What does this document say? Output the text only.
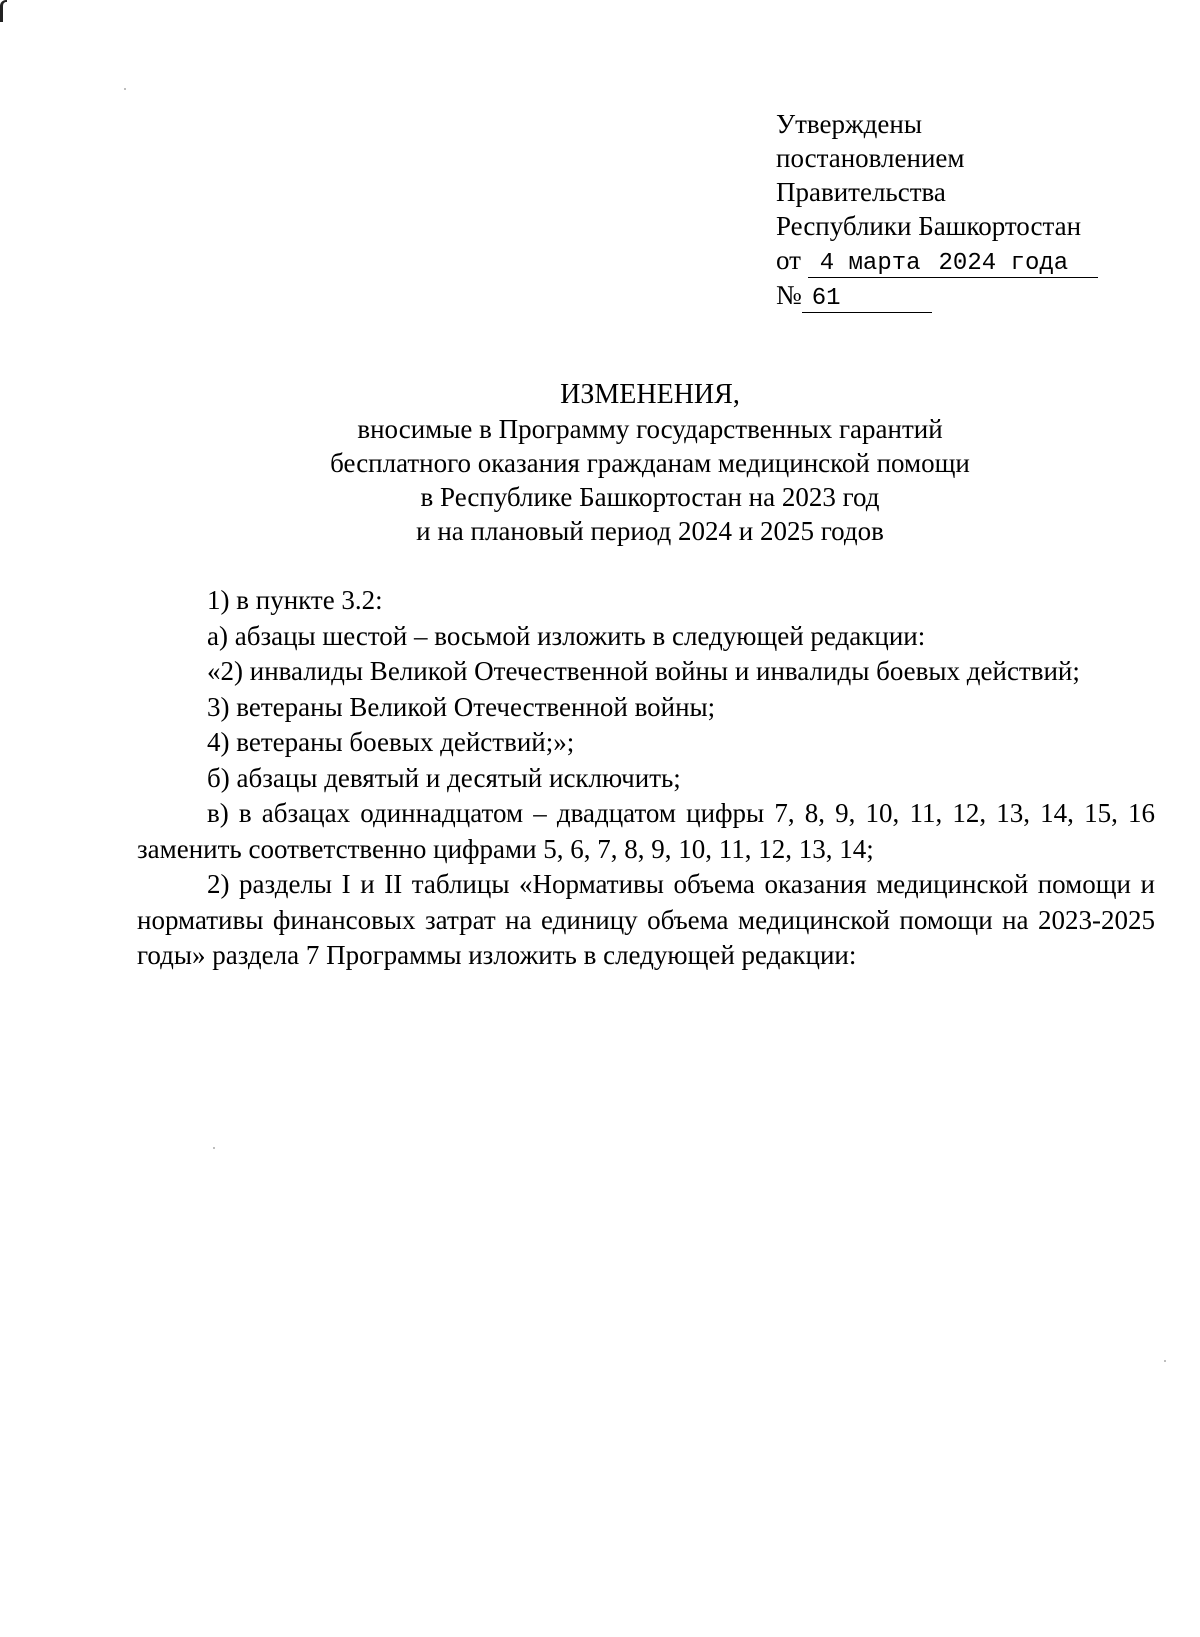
Утверждены
постановлением
Правительства
Республики Башкортостан
от 4 марта 2024 года
№ 61
ИЗМЕНЕНИЯ,
вносимые в Программу государственных гарантий
бесплатного оказания гражданам медицинской помощи
в Республике Башкортостан на 2023 год
и на плановый период 2024 и 2025 годов

1) в пункте 3.2:

а) абзацы шестой – восьмой изложить в следующей редакции:

«2) инвалиды Великой Отечественной войны и инвалиды боевых действий;

3) ветераны Великой Отечественной войны;

4) ветераны боевых действий;»;

б) абзацы девятый и десятый исключить;

в) в абзацах одиннадцатом – двадцатом цифры 7, 8, 9, 10, 11, 12, 13, 14, 15, 16 заменить соответственно цифрами 5, 6, 7, 8, 9, 10, 11, 12, 13, 14;

2) разделы I и II таблицы «Нормативы объема оказания медицинской помощи и нормативы финансовых затрат на единицу объема медицинской помощи на 2023-2025 годы» раздела 7 Программы изложить в следующей редакции:
